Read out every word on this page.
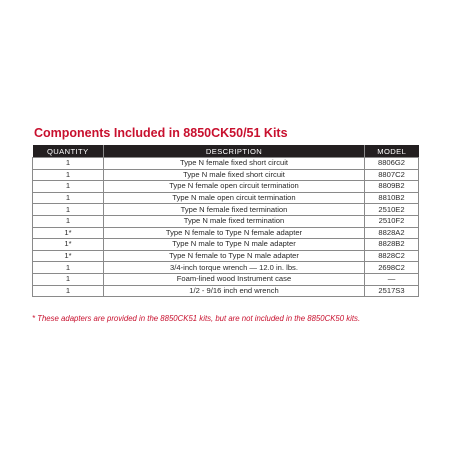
Components Included in 8850CK50/51 Kits
QUANTITY	DESCRIPTION	MODEL
1	Type N female fixed short circuit	8806G2
1	Type N male fixed short circuit	8807C2
1	Type N female open circuit termination	8809B2
1	Type N male open circuit termination	8810B2
1	Type N female fixed termination	2510E2
1	Type N male fixed termination	2510F2
1*	Type N female to Type N female adapter	8828A2
1*	Type N male to Type N male adapter	8828B2
1*	Type N female to Type N male adapter	8828C2
1	3/4-inch torque wrench — 12.0 in. lbs.	2698C2
1	Foam-lined wood Instrument case	—
1	1/2 - 9/16 inch end wrench	2517S3
* These adapters are provided in the 8850CK51 kits, but are not included in the 8850CK50 kits.
